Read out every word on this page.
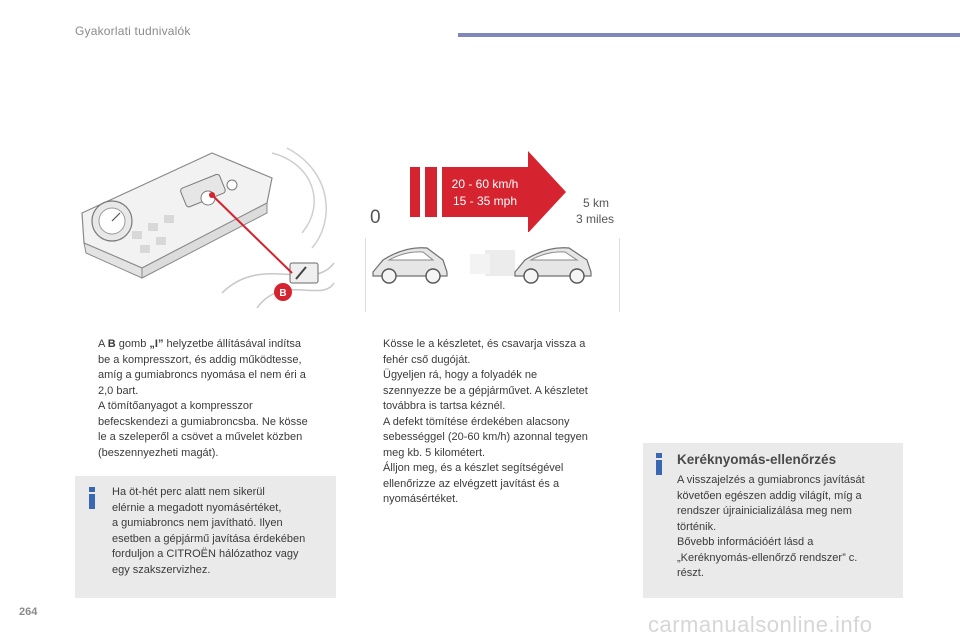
Gyakorlati tudnivalók
B
20 - 60 km/h
15 - 35 mph
0
5 km
3 miles

A B gomb „I” helyzetbe állításával indítsa
be a kompresszort, és addig működtesse,
amíg a gumiabroncs nyomása el nem éri a
2,0 bart.
A tömítőanyagot a kompresszor
befecskendezi a gumiabroncsba. Ne kösse
le a szeleperől a csövet a művelet közben
(beszennyezheti magát).

Ha öt-hét perc alatt nem sikerül
elérnie a megadott nyomásértéket,
a gumiabroncs nem javítható. Ilyen
esetben a gépjármű javítása érdekében
forduljon a CITROËN hálózathoz vagy
egy szakszervizhez.

Kösse le a készletet, és csavarja vissza a
fehér cső dugóját.
Ügyeljen rá, hogy a folyadék ne
szennyezze be a gépjárművet. A készletet
továbbra is tartsa kéznél.

A defekt tömítése érdekében alacsony
sebességgel (20-60 km/h) azonnal tegyen
meg kb. 5 kilométert.

Álljon meg, és a készlet segítségével
ellenőrizze az elvégzett javítást és a
nyomásértéket.

Keréknyomás-ellenőrzés
A visszajelzés a gumiabroncs javítását
követően egészen addig világít, míg a
rendszer újrainicializálása meg nem
történik.
Bővebb információért lásd a
„Keréknyomás-ellenőrző rendszer” c.
részt.
264	carmanualsonline.info
